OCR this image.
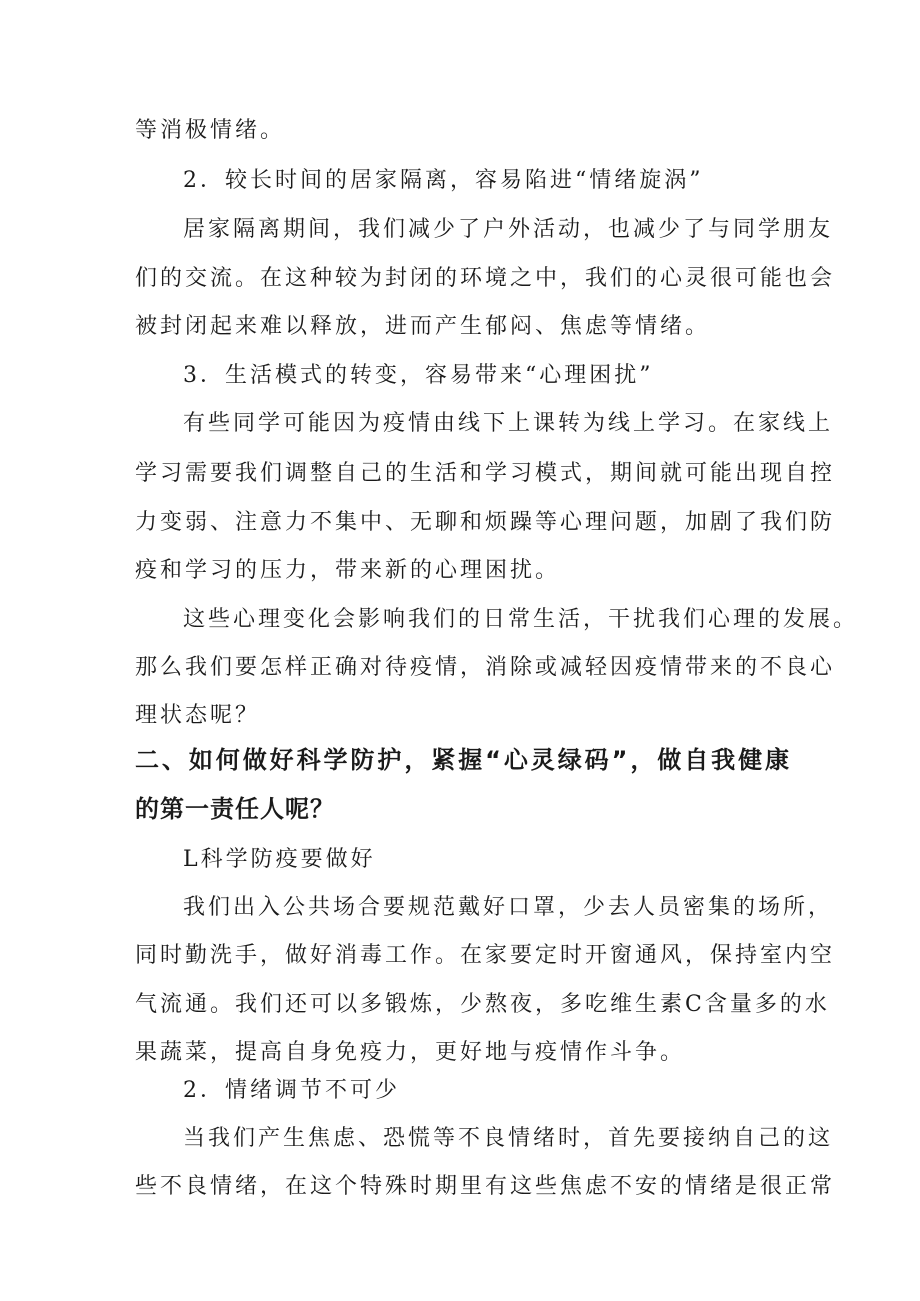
等消极情绪。

2．较长时间的居家隔离，容易陷进“情绪旋涡”

居家隔离期间，我们减少了户外活动，也减少了与同学朋友

们的交流。在这种较为封闭的环境之中，我们的心灵很可能也会

被封闭起来难以释放，进而产生郁闷、焦虑等情绪。

3．生活模式的转变，容易带来“心理困扰”

有些同学可能因为疫情由线下上课转为线上学习。在家线上

学习需要我们调整自己的生活和学习模式，期间就可能出现自控

力变弱、注意力不集中、无聊和烦躁等心理问题，加剧了我们防

疫和学习的压力，带来新的心理困扰。

这些心理变化会影响我们的日常生活，干扰我们心理的发展。

那么我们要怎样正确对待疫情，消除或减轻因疫情带来的不良心

理状态呢？

二、如何做好科学防护，紧握“心灵绿码”，做自我健康

的第一责任人呢？

L科学防疫要做好

我们出入公共场合要规范戴好口罩，少去人员密集的场所，

同时勤洗手，做好消毒工作。在家要定时开窗通风，保持室内空

气流通。我们还可以多锻炼，少熬夜，多吃维生素C含量多的水

果蔬菜，提高自身免疫力，更好地与疫情作斗争。

2．情绪调节不可少

当我们产生焦虑、恐慌等不良情绪时，首先要接纳自己的这

些不良情绪，在这个特殊时期里有这些焦虑不安的情绪是很正常
